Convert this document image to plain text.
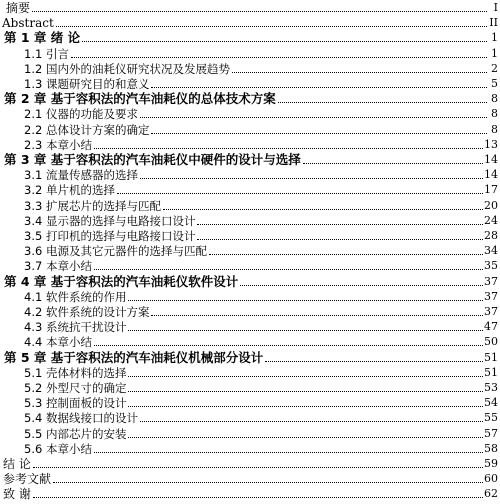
摘要	I
Abstract	II
第 1 章 绪 论	1
1.1 引言	1
1.2 国内外的油耗仪研究状况及发展趋势	2
1.3 课题研究目的和意义	5
第 2 章 基于容积法的汽车油耗仪的总体技术方案	8
2.1 仪器的功能及要求	8
2.2 总体设计方案的确定	8
2.3 本章小结	13
第 3 章 基于容积法的汽车油耗仪中硬件的设计与选择	14
3.1 流量传感器的选择	14
3.2 单片机的选择	17
3.3 扩展芯片的选择与匹配	20
3.4 显示器的选择与电路接口设计	24
3.5 打印机的选择与电路接口设计	28
3.6 电源及其它元器件的选择与匹配	34
3.7 本章小结	35
第 4 章 基于容积法的汽车油耗仪软件设计	37
4.1 软件系统的作用	37
4.2 软件系统的设计方案	37
4.3 系统抗干扰设计	47
4.4 本章小结	50
第 5 章 基于容积法的汽车油耗仪机械部分设计	51
5.1 壳体材料的选择	51
5.2 外型尺寸的确定	53
5.3 控制面板的设计	54
5.4 数据线接口的设计	55
5.5 内部芯片的安装	57
5.6 本章小结	58
结 论	59
参考文献	60
致 谢	62
